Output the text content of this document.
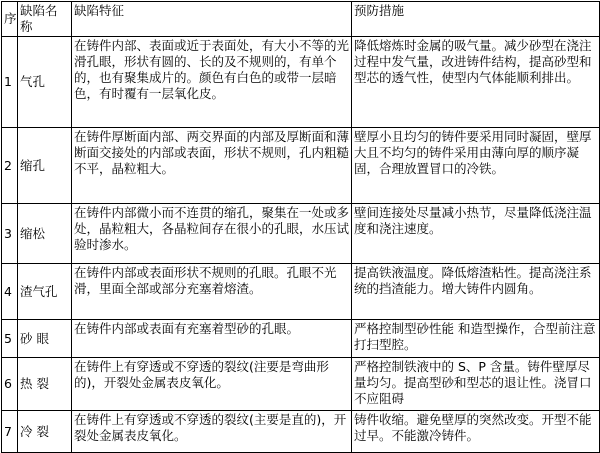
序	缺陷名称	缺陷特征	预防措施
1	气孔	在铸件内部、表面或近于表面处，有大小不等的光滑孔眼，形状有圆的、长的及不规则的，有单个的，也有聚集成片的。颜色有白色的或带一层暗色，有时覆有一层氧化皮。	降低熔炼时金属的吸气量。减少砂型在浇注过程中发气量，改进铸件结构，提高砂型和型芯的透气性，使型内气体能顺利排出。
2	缩孔	在铸件厚断面内部、两交界面的内部及厚断面和薄断面交接处的内部或表面，形状不规则，孔内粗糙不平，晶粒粗大。	壁厚小且均匀的铸件要采用同时凝固，壁厚大且不均匀的铸件采用由薄向厚的顺序凝固，合理放置冒口的冷铁。
3	缩松	在铸件内部微小而不连贯的缩孔，聚集在一处或多处，晶粒粗大，各晶粒间存在很小的孔眼，水压试验时渗水。	壁间连接处尽量减小热节，尽量降低浇注温度和浇注速度。
4	渣气孔	在铸件内部或表面形状不规则的孔眼。孔眼不光滑，里面全部或部分充塞着熔渣。	提高铁液温度。降低熔渣粘性。提高浇注系统的挡渣能力。增大铸件内圆角。
5	砂 眼	在铸件内部或表面有充塞着型砂的孔眼。	严格控制型砂性能 和造型操作，合型前注意打扫型腔。
6	热 裂	在铸件上有穿透或不穿透的裂纹(注要是弯曲形的)，开裂处金属表皮氧化。	严格控制铁液中的 S、P 含量。铸件壁厚尽量均匀。提高型砂和型芯的退让性。浇冒口不应阻碍
7	冷 裂	在铸件上有穿透或不穿透的裂纹(主要是直的)，开裂处金属表皮氧化。	铸件收缩。避免壁厚的突然改变。开型不能过早。不能激冷铸件。
